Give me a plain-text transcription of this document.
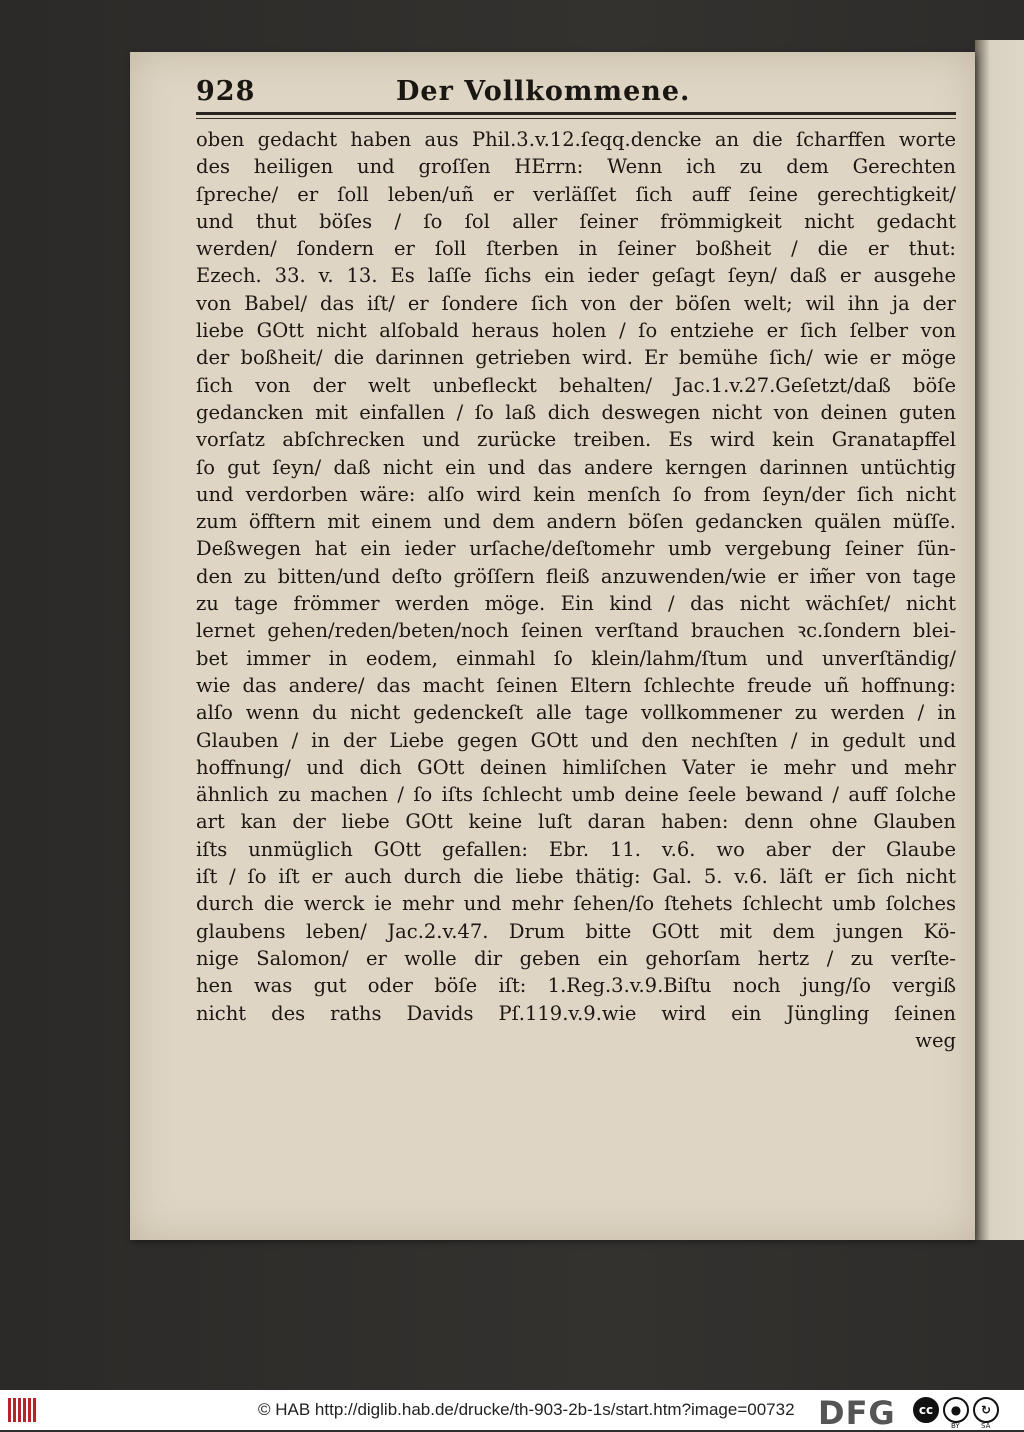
928	Der Vollkommene.
oben gedacht haben aus Phil.3.v.12.ſeqq.dencke an die ſcharffen worte
des heiligen und groſſen HErrn: Wenn ich zu dem Gerechten
ſpreche/ er ſoll leben/uñ er verläſſet ſich auff ſeine gerechtigkeit/
und thut böſes / ſo ſol aller ſeiner frömmigkeit nicht gedacht
werden/ ſondern er ſoll ſterben in ſeiner boßheit / die er thut:
Ezech. 33. v. 13. Es laſſe ſichs ein ieder geſagt ſeyn/ daß er ausgehe
von Babel/ das iſt/ er ſondere ſich von der böſen welt; wil ihn ja der
liebe GOtt nicht alſobald heraus holen / ſo entziehe er ſich ſelber von
der boßheit/ die darinnen getrieben wird. Er bemühe ſich/ wie er möge
ſich von der welt unbefleckt behalten/ Jac.1.v.27.Geſetzt/daß böſe
gedancken mit einfallen / ſo laß dich deswegen nicht von deinen guten
vorſatz abſchrecken und zurücke treiben. Es wird kein Granatapffel
ſo gut ſeyn/ daß nicht ein und das andere kerngen darinnen untüchtig
und verdorben wäre: alſo wird kein menſch ſo from ſeyn/der ſich nicht
zum öfftern mit einem und dem andern böſen gedancken quälen müſſe.
Deßwegen hat ein ieder urſache/deſtomehr umb vergebung ſeiner ſün-
den zu bitten/und deſto gröſſern fleiß anzuwenden/wie er im̃er von tage
zu tage frömmer werden möge. Ein kind / das nicht wächſet/ nicht
lernet gehen/reden/beten/noch ſeinen verſtand brauchen ꝛc.ſondern blei-
bet immer in eodem, einmahl ſo klein/lahm/ſtum und unverſtändig/
wie das andere/ das macht ſeinen Eltern ſchlechte freude uñ hoffnung:
alſo wenn du nicht gedenckeſt alle tage vollkommener zu werden / in
Glauben / in der Liebe gegen GOtt und den nechſten / in gedult und
hoffnung/ und dich GOtt deinen himliſchen Vater ie mehr und mehr
ähnlich zu machen / ſo iſts ſchlecht umb deine ſeele bewand / auff ſolche
art kan der liebe GOtt keine luſt daran haben: denn ohne Glauben
iſts unmüglich GOtt gefallen: Ebr. 11. v.6. wo aber der Glaube
iſt / ſo iſt er auch durch die liebe thätig: Gal. 5. v.6. läſt er ſich nicht
durch die werck ie mehr und mehr ſehen/ſo ſtehets ſchlecht umb ſolches
glaubens leben/ Jac.2.v.47. Drum bitte GOtt mit dem jungen Kö-
nige Salomon/ er wolle dir geben ein gehorſam hertz / zu verſte-
hen was gut oder böſe iſt: 1.Reg.3.v.9.Biſtu noch jung/ſo vergiß
nicht des raths Davids Pſ.119.v.9.wie wird ein Jüngling ſeinen
weg
© HAB http://diglib.hab.de/drucke/th-903-2b-1s/start.htm?image=00732 DFG	cc	●	↻
BY	SA
